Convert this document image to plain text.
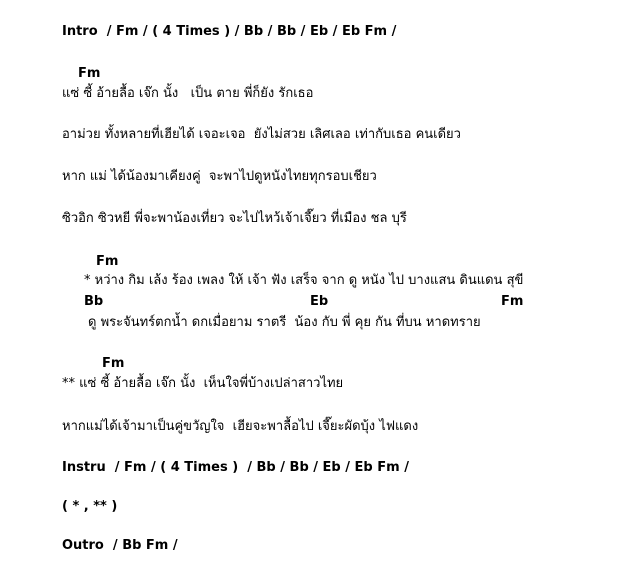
Intro  / Fm / ( 4 Times ) / Bb / Bb / Eb / Eb Fm /
Fm
แซ่ ซี้ อ้ายลื้อ เจ๊ก นั้ง   เป็น ตาย พี่ก็ยัง รักเธอ
อาม่วย ทั้งหลายที่เฮียได้ เจอะเจอ  ยังไม่สวย เลิศเลอ เท่ากับเธอ คนเดียว
หาก แม่ ได้น้องมาเคียงคู่  จะพาไปดูหนังไทยทุกรอบเชียว
ซิวอิก ซิวหยี พี่จะพาน้องเที่ยว จะไปไหว้เจ้าเจี๊ยว ที่เมือง ชล บุรี
Fm
* หว่าง กิม เล้ง ร้อง เพลง ให้ เจ้า ฟัง เสร็จ จาก ดู หนัง ไป บางแสน ดินแดน สุขี
Bb	Eb	Fm
ดู พระจันทร์ตกน้ำ ดกเมื่อยาม ราตรี  น้อง กับ พี่ คุย กัน ที่บน หาดทราย
Fm
** แซ่ ซี้ อ้ายลื้อ เจ๊ก นั้ง  เห็นใจพี่บ้างเปล่าสาวไทย
หากแม่ได้เจ้ามาเป็นคู่ขวัญใจ  เฮียจะพาลื้อไป เจี๊ยะผัดบุ้ง ไฟแดง
Instru  / Fm / ( 4 Times )  / Bb / Bb / Eb / Eb Fm /
( * , ** )
Outro  / Bb Fm /
